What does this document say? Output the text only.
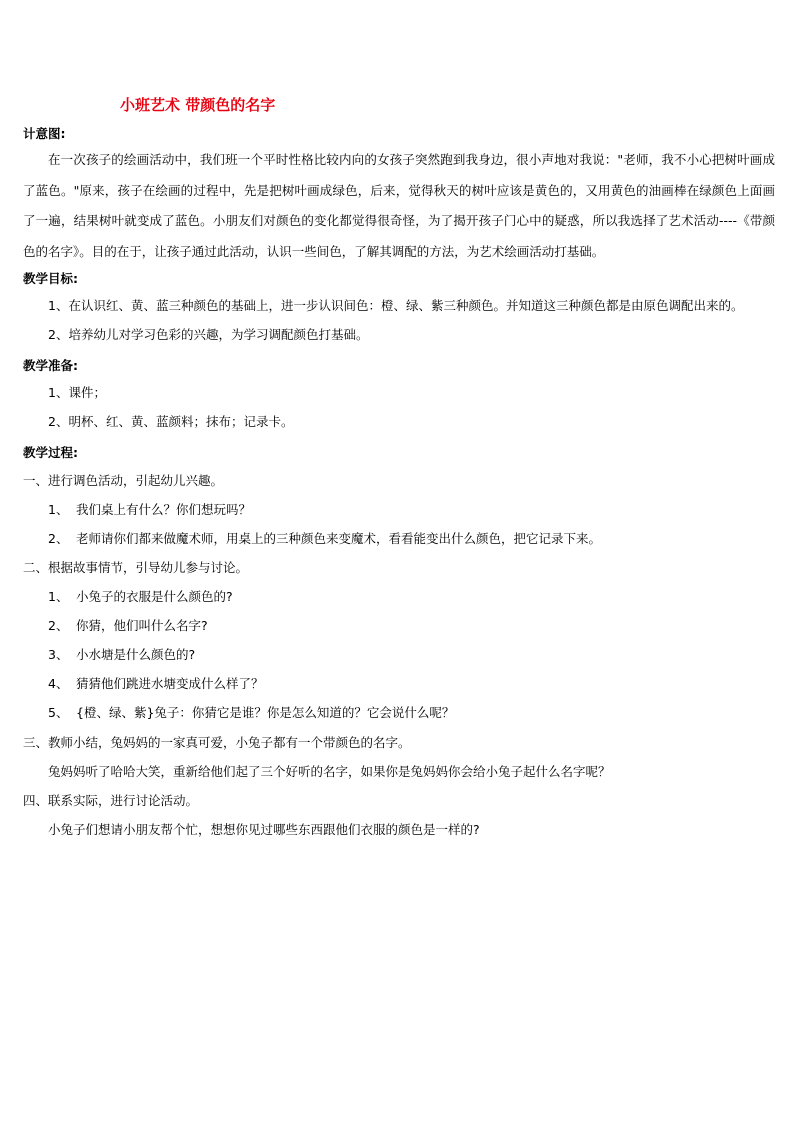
小班艺术 带颜色的名字
计意图:
在一次孩子的绘画活动中，我们班一个平时性格比较内向的女孩子突然跑到我身边，很小声地对我说："老师，我不小心把树叶画成了蓝色。"原来，孩子在绘画的过程中，先是把树叶画成绿色，后来，觉得秋天的树叶应该是黄色的，又用黄色的油画棒在绿颜色上面画了一遍，结果树叶就变成了蓝色。小朋友们对颜色的变化都觉得很奇怪，为了揭开孩子门心中的疑惑，所以我选择了艺术活动----《带颜色的名字》。目的在于，让孩子通过此活动，认识一些间色，了解其调配的方法，为艺术绘画活动打基础。
教学目标:
1、在认识红、黄、蓝三种颜色的基础上，进一步认识间色：橙、绿、紫三种颜色。并知道这三种颜色都是由原色调配出来的。
2、培养幼儿对学习色彩的兴趣，为学习调配颜色打基础。
教学准备:
1、课件；
2、明杯、红、黄、蓝颜料；抹布；记录卡。
教学过程:
一、进行调色活动，引起幼儿兴趣。
1、 我们桌上有什么？你们想玩吗？
2、 老师请你们都来做魔术师，用桌上的三种颜色来变魔术，看看能变出什么颜色，把它记录下来。
二、根据故事情节，引导幼儿参与讨论。
1、 小兔子的衣服是什么颜色的?
2、 你猜，他们叫什么名字?
3、 小水塘是什么颜色的?
4、 猜猜他们跳进水塘变成什么样了？
5、 {橙、绿、紫}兔子：你猜它是谁？你是怎么知道的？它会说什么呢？
三、教师小结，兔妈妈的一家真可爱，小兔子都有一个带颜色的名字。
兔妈妈听了哈哈大笑，重新给他们起了三个好听的名字，如果你是兔妈妈你会给小兔子起什么名字呢？
四、联系实际，进行讨论活动。
小兔子们想请小朋友帮个忙，想想你见过哪些东西跟他们衣服的颜色是一样的?
